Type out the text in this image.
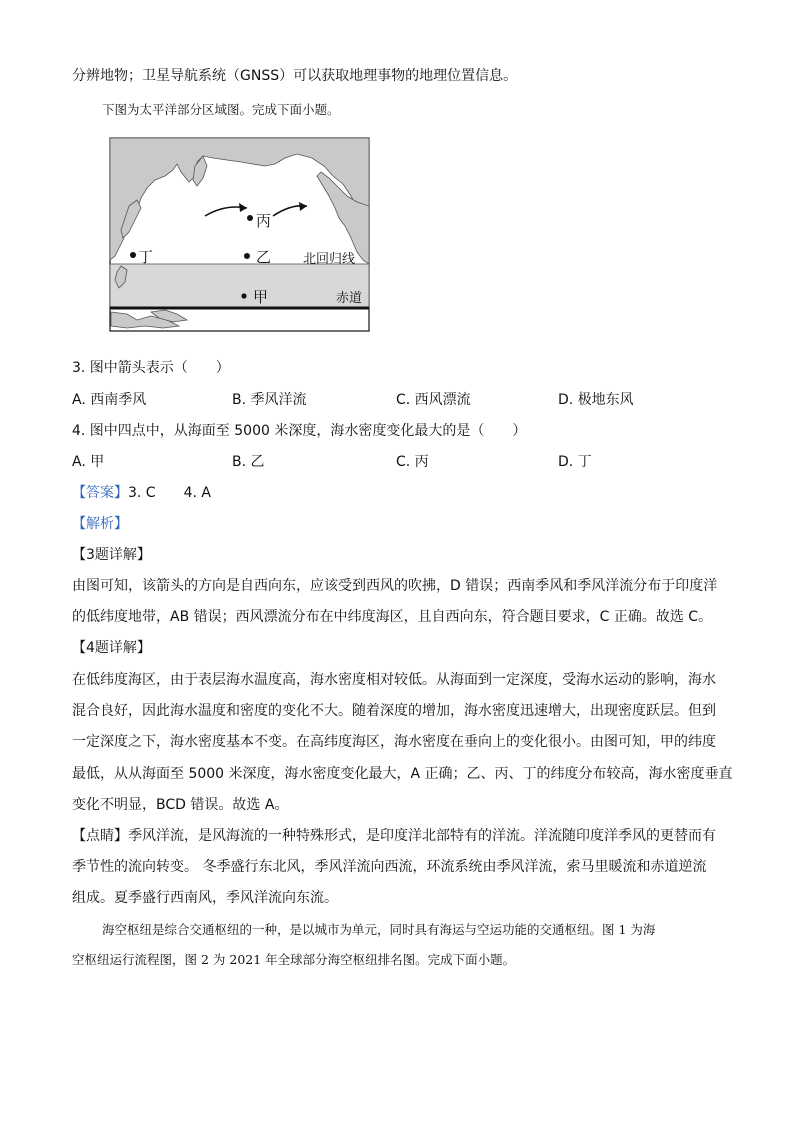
分辨地物；卫星导航系统（GNSS）可以获取地理事物的地理位置信息。
下图为太平洋部分区域图。完成下面小题。
丙
乙
丁
甲
北回归线
赤道
3. 图中箭头表示（　　）
A. 西南季风	B. 季风洋流	C. 西风漂流	D. 极地东风
4. 图中四点中，从海面至 5000 米深度，海水密度变化最大的是（　　）
A. 甲	B. 乙	C. 丙	D. 丁
【答案】3. C　　4. A
【解析】
【3题详解】
由图可知，该箭头的方向是自西向东，应该受到西风的吹拂，D 错误；西南季风和季风洋流分布于印度洋
的低纬度地带，AB 错误；西风漂流分布在中纬度海区，且自西向东，符合题目要求，C 正确。故选 C。
【4题详解】
在低纬度海区，由于表层海水温度高，海水密度相对较低。从海面到一定深度，受海水运动的影响，海水
混合良好，因此海水温度和密度的变化不大。随着深度的增加，海水密度迅速增大，出现密度跃层。但到
一定深度之下，海水密度基本不变。在高纬度海区，海水密度在垂向上的变化很小。由图可知，甲的纬度
最低，从从海面至 5000 米深度，海水密度变化最大，A 正确；乙、丙、丁的纬度分布较高，海水密度垂直
变化不明显，BCD 错误。故选 A。
【点睛】季风洋流，是风海流的一种特殊形式，是印度洋北部特有的洋流。洋流随印度洋季风的更替而有
季节性的流向转变。 冬季盛行东北风，季风洋流向西流，环流系统由季风洋流，索马里暖流和赤道逆流
组成。夏季盛行西南风，季风洋流向东流。
海空枢纽是综合交通枢纽的一种，是以城市为单元，同时具有海运与空运功能的交通枢纽。图 1 为海
空枢纽运行流程图，图 2 为 2021 年全球部分海空枢纽排名图。完成下面小题。
